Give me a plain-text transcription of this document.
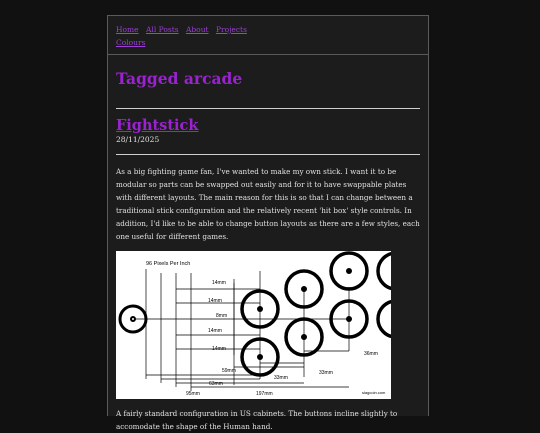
Home All Posts About Projects
Colours
Tagged arcade
Fightstick
28/11/2025

As a big fighting game fan, I've wanted to make my own stick. I want it to be modular so parts can be swapped out easily and for it to have swappable plates with different layouts. The main reason for this is so that I can change between a traditional stick configuration and the relatively recent 'hit box' style controls. In addition, I'd like to be able to change button layouts as there are a few styles, each one useful for different games.

96 Pixels Per Inch
14mm
14mm
8mm
14mm
14mm
59mm
63mm
95mm	197mm
33mm
33mm
36mm
slagcoin.com

A fairly standard configuration in US cabinets. The buttons incline slightly to accomodate the shape of the Human hand.
